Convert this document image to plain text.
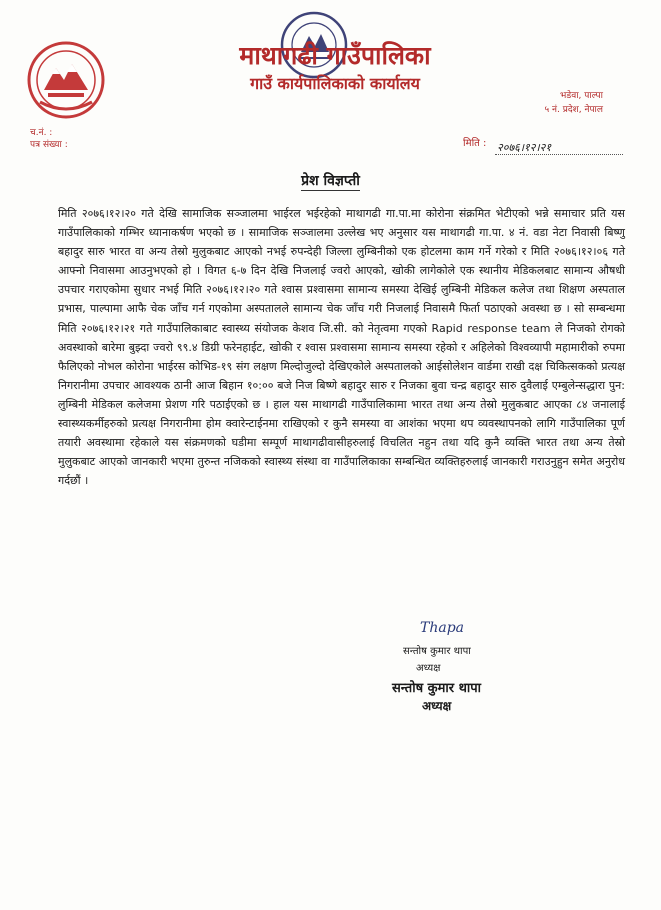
माथागढी गाउँपालिका
गाउँ कार्यपालिकाको कार्यालय
भडेवा, पाल्पा
५ नं. प्रदेश, नेपाल
च.नं. :
पत्र संख्या :	मिति : २०७६।१२।२१
प्रेश विज्ञप्ती

मिति २०७६।१२।२० गते देखि सामाजिक सञ्जालमा भाईरल भईरहेको माथागढी गा.पा.मा कोरोना संक्रमित भेटीएको भन्ने समाचार प्रति यस गाउँपालिकाको गम्भिर ध्यानाकर्षण भएको छ । सामाजिक सञ्जालमा उल्लेख भए अनुसार यस माथागढी गा.पा. ४ नं. वडा नेटा निवासी बिष्णु बहादुर सारु भारत वा अन्य तेस्रो मुलुकबाट आएको नभई रुपन्देही जिल्ला लुम्बिनीको एक होटलमा काम गर्ने गरेको र मिति २०७६।१२।०६ गते आफ्नो निवासमा आउनुभएको हो । विगत ६-७ दिन देखि निजलाई ज्वरो आएको, खोकी लागेकोले एक स्थानीय मेडिकलबाट सामान्य औषधी उपचार गराएकोमा सुधार नभई मिति २०७६।१२।२० गते श्वास प्रश्वासमा सामान्य समस्या देखिई लुम्बिनी मेडिकल कलेज तथा शिक्षण अस्पताल प्रभास, पाल्पामा आफै चेक जाँच गर्न गएकोमा अस्पतालले सामान्य चेक जाँच गरी निजलाई निवासमै फिर्ता पठाएको अवस्था छ । सो सम्बन्धमा मिति २०७६।१२।२१ गते गाउँपालिकाबाट स्वास्थ्य संयोजक केशव जि.सी. को नेतृत्वमा गएको Rapid response team ले निजको रोगको अवस्थाको बारेमा बुझ्दा ज्वरो ९९.४ डिग्री फरेनहाईट, खोकी र श्वास प्रश्वासमा सामान्य समस्या रहेको र अहिलेको विश्वव्यापी महामारीको रुपमा फैलिएको नोभल कोरोना भाईरस कोभिड-१९ संग लक्षण मिल्दोजुल्दो देखिएकोले अस्पतालको आईसोलेशन वार्डमा राखी दक्ष चिकित्सकको प्रत्यक्ष निगरानीमा उपचार आवश्यक ठानी आज बिहान १०:०० बजे निज बिष्णे बहादुर सारु र निजका बुवा चन्द्र बहादुर सारु दुवैलाई एम्बुलेन्सद्धारा पुन: लुम्बिनी मेडिकल कलेजमा प्रेशण गरि पठाईएको छ । हाल यस माथागढी गाउँपालिकामा भारत तथा अन्य तेस्रो मुलुकबाट आएका ८४ जनालाई स्वास्थ्यकर्मीहरुको प्रत्यक्ष निगरानीमा होम क्वारेन्टाईनमा राखिएको र कुनै समस्या वा आशंका भएमा थप व्यवस्थापनको लागि गाउँपालिका पूर्ण तयारी अवस्थामा रहेकाले यस संक्रमणको घडीमा सम्पूर्ण माथागढीवासीहरुलाई विचलित नहुन तथा यदि कुनै व्यक्ति भारत तथा अन्य तेस्रो मुलुकबाट आएको जानकारी भएमा तुरुन्त नजिकको स्वास्थ्य संस्था वा गाउँपालिकाका सम्बन्धित व्यक्तिहरुलाई जानकारी गराउनुहुन समेत अनुरोध गर्दछौं ।

Thapa
सन्तोष कुमार थापा
अध्यक्ष
सन्तोष कुमार थापा
अध्यक्ष
